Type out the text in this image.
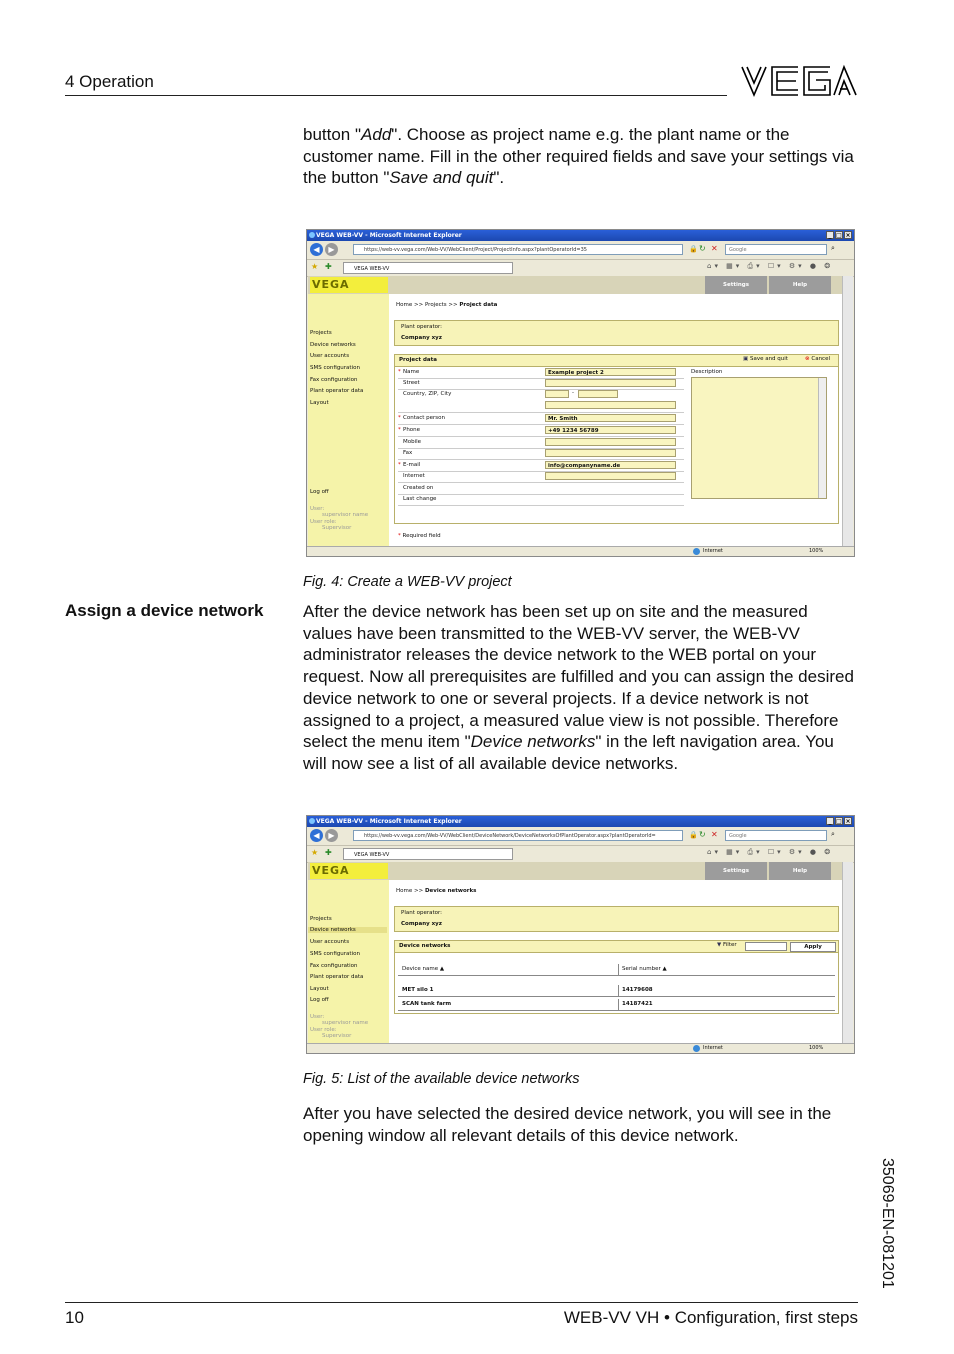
4 Operation
button "Add". Choose as project name e.g. the plant name or the customer name. Fill in the other required fields and save your settings via the button "Save and quit".
VEGA WEB-VV - Microsoft Internet Explorer	_ □ ×
◀	▶	https://web-vv.vega.com/Web-VV/WebClient/Project/ProjectInfo.aspx?plantOperatorId=35	🔒 ↻ ✕	Google	⌕
★ ✚	VEGA WEB-VV	⌂▾ ▦▾ ⎙▾ ☐▾ ⚙▾ ● ❂
VEGA	Settings	Help
Projects
Device networks
User accounts
SMS configuration
Fax configuration
Plant operator data
Layout
Log off
User:
supervisor name
User role:
Supervisor
Home >> Projects >> Project data
Plant operator:
Company xyz
Project data	▣ Save and quit	⊗ Cancel
* Name	Example project 2
Street
Country, ZIP, City	-
* Contact person	Mr. Smith
* Phone	+49 1234 56789
Mobile
Fax
* E-mail	info@companyname.de
Internet
Created on
Last change
Description
* Required field
Internet	100%
Fig. 4: Create a WEB-VV project
Assign a device network After the device network has been set up on site and the measured values have been transmitted to the WEB-VV server, the WEB-VV administrator releases the device network to the WEB portal on your request. Now all prerequisites are fulfilled and you can assign the desired device network to one or several projects. If a device network is not assigned to a project, a measured value view is not possible. Therefore select the menu item "Device networks" in the left navigation area. You will now see a list of all available device networks.
VEGA WEB-VV - Microsoft Internet Explorer	_ □ ×
◀	▶	https://web-vv.vega.com/Web-VV/WebClient/DeviceNetwork/DeviceNetworksOfPlantOperator.aspx?plantOperatorId=	🔒 ↻ ✕	Google	⌕
★ ✚	VEGA WEB-VV	⌂▾ ▦▾ ⎙▾ ☐▾ ⚙▾ ● ❂
VEGA	Settings	Help
Projects
Device networks
User accounts
SMS configuration
Fax configuration
Plant operator data
Layout
Log off
User:
supervisor name
User role:
Supervisor
Home >> Device networks
Plant operator:
Company xyz
Device networks	▼ Filter	Apply
Device name ▲	Serial number ▲
MET silo 1	14179608
SCAN tank farm	14187421
Internet	100%
Fig. 5: List of the available device networks
After you have selected the desired device network, you will see in the opening window all relevant details of this device network.
35069-EN-081201
10	WEB-VV VH • Configuration, first steps
